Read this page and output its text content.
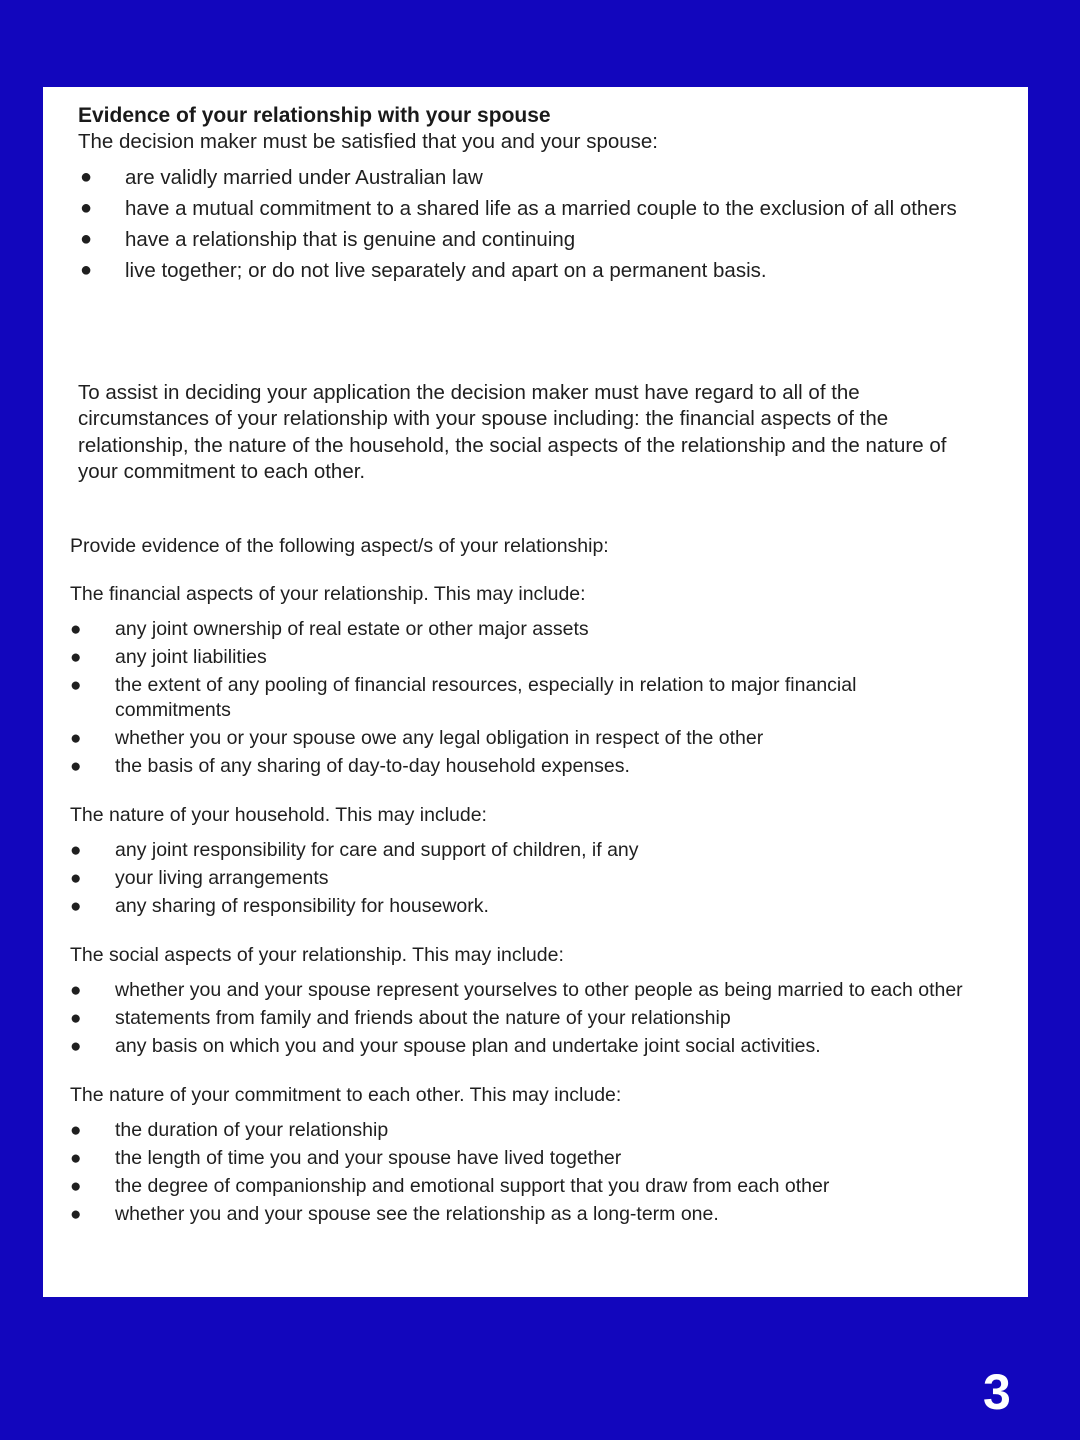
Evidence of your relationship with your spouse

The decision maker must be satisfied that you and your spouse:

● are validly married under Australian law
● have a mutual commitment to a shared life as a married couple to the exclusion of all others
● have a relationship that is genuine and continuing
● live together; or do not live separately and apart on a permanent basis.

To assist in deciding your application the decision maker must have regard to all of the circumstances of your relationship with your spouse including: the financial aspects of the relationship, the nature of the household, the social aspects of the relationship and the nature of your commitment to each other.

Provide evidence of the following aspect/s of your relationship:

The financial aspects of your relationship. This may include:

● any joint ownership of real estate or other major assets
● any joint liabilities
● the extent of any pooling of financial resources, especially in relation to major financial commitments
● whether you or your spouse owe any legal obligation in respect of the other
● the basis of any sharing of day-to-day household expenses.

The nature of your household. This may include:

● any joint responsibility for care and support of children, if any
● your living arrangements
● any sharing of responsibility for housework.

The social aspects of your relationship. This may include:

● whether you and your spouse represent yourselves to other people as being married to each other
● statements from family and friends about the nature of your relationship
● any basis on which you and your spouse plan and undertake joint social activities.

The nature of your commitment to each other. This may include:

● the duration of your relationship
● the length of time you and your spouse have lived together
● the degree of companionship and emotional support that you draw from each other
● whether you and your spouse see the relationship as a long-term one.
3
